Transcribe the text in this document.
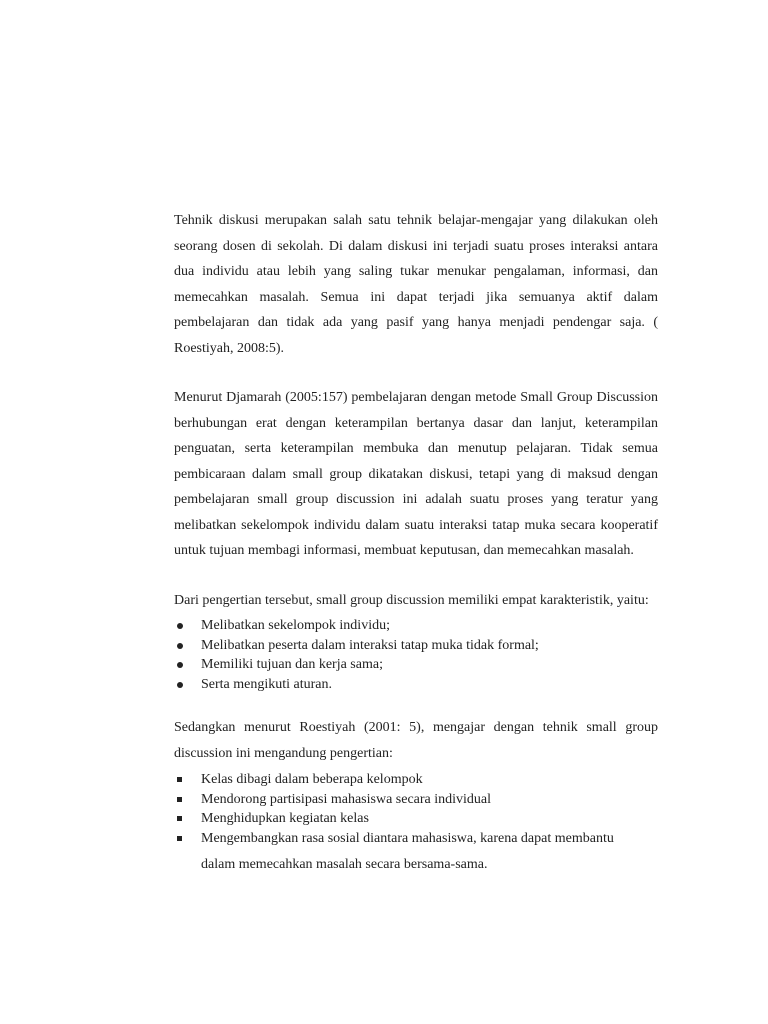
Tehnik diskusi merupakan salah satu tehnik belajar-mengajar yang dilakukan oleh seorang dosen di sekolah. Di dalam diskusi ini terjadi suatu proses interaksi antara dua individu atau lebih yang saling tukar menukar pengalaman, informasi, dan memecahkan masalah. Semua ini dapat terjadi jika semuanya aktif dalam pembelajaran dan tidak ada yang pasif yang hanya menjadi pendengar saja. ( Roestiyah, 2008:5).

Menurut Djamarah (2005:157) pembelajaran dengan metode Small Group Discussion berhubungan erat dengan keterampilan bertanya dasar dan lanjut, keterampilan penguatan, serta keterampilan membuka dan menutup pelajaran. Tidak semua pembicaraan dalam small group dikatakan diskusi, tetapi yang di maksud dengan pembelajaran small group discussion ini adalah suatu proses yang teratur yang melibatkan sekelompok individu dalam suatu interaksi tatap muka secara kooperatif untuk tujuan membagi informasi, membuat keputusan, dan memecahkan masalah.

Dari pengertian tersebut, small group discussion memiliki empat karakteristik, yaitu:

Melibatkan sekelompok individu;
Melibatkan peserta dalam interaksi tatap muka tidak formal;
Memiliki tujuan dan kerja sama;
Serta mengikuti aturan.

Sedangkan menurut Roestiyah (2001: 5), mengajar dengan tehnik small group discussion ini mengandung pengertian:

Kelas dibagi dalam beberapa kelompok
Mendorong partisipasi mahasiswa secara individual
Menghidupkan kegiatan kelas
Mengembangkan rasa sosial diantara mahasiswa, karena dapat membantu
dalam memecahkan masalah secara bersama-sama.
